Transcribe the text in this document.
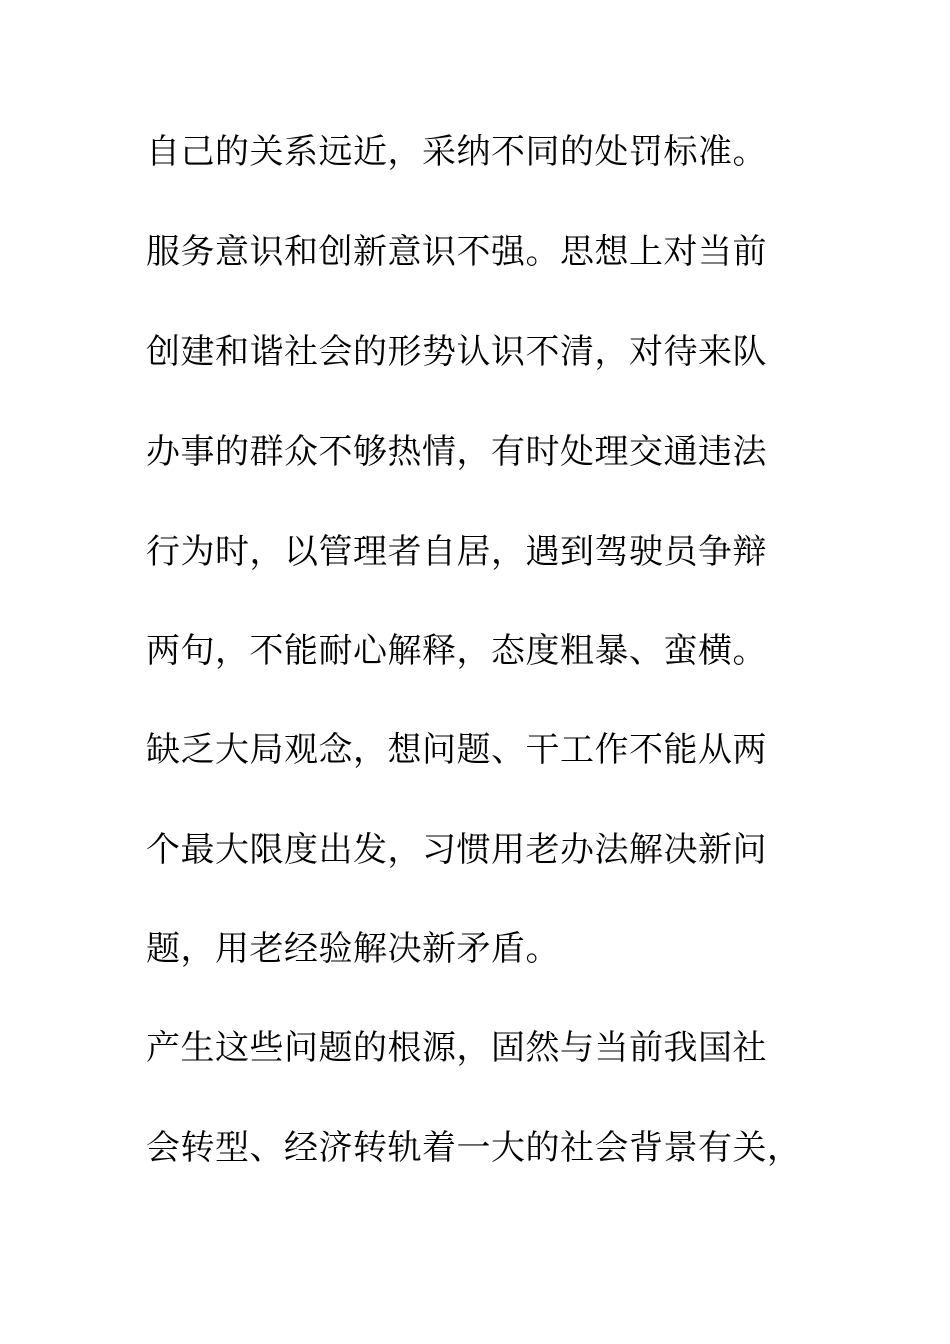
自己的关系远近，采纳不同的处罚标准。
服务意识和创新意识不强。思想上对当前
创建和谐社会的形势认识不清，对待来队
办事的群众不够热情，有时处理交通违法
行为时，以管理者自居，遇到驾驶员争辩
两句，不能耐心解释，态度粗暴、蛮横。
缺乏大局观念，想问题、干工作不能从两
个最大限度出发，习惯用老办法解决新问
题，用老经验解决新矛盾。
产生这些问题的根源，固然与当前我国社
会转型、经济转轨着一大的社会背景有关，
